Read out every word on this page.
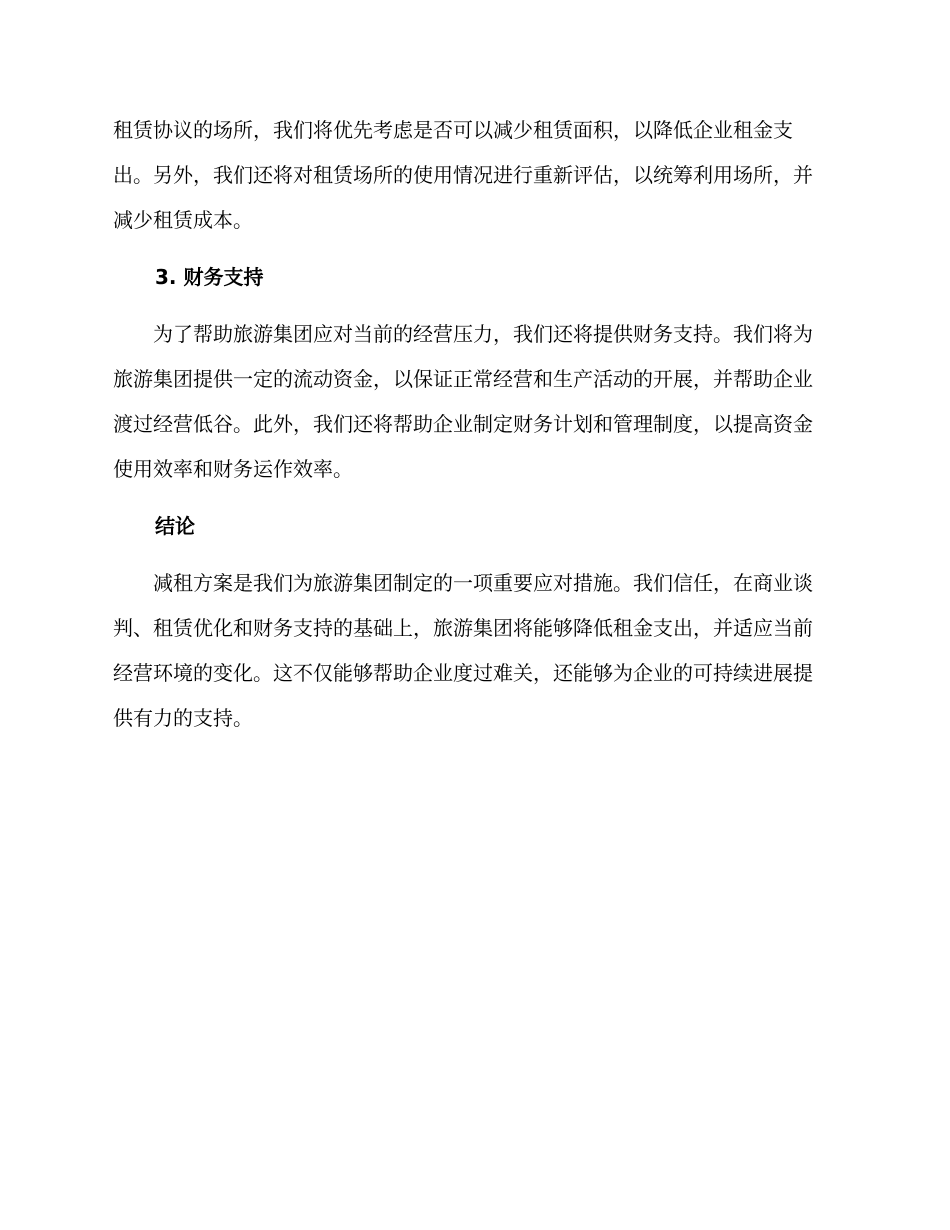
租赁协议的场所，我们将优先考虑是否可以减少租赁面积，以降低企业租金支出。另外，我们还将对租赁场所的使用情况进行重新评估，以统筹利用场所，并减少租赁成本。

3. 财务支持

为了帮助旅游集团应对当前的经营压力，我们还将提供财务支持。我们将为旅游集团提供一定的流动资金，以保证正常经营和生产活动的开展，并帮助企业渡过经营低谷。此外，我们还将帮助企业制定财务计划和管理制度，以提高资金使用效率和财务运作效率。

结论

减租方案是我们为旅游集团制定的一项重要应对措施。我们信任，在商业谈判、租赁优化和财务支持的基础上，旅游集团将能够降低租金支出，并适应当前经营环境的变化。这不仅能够帮助企业度过难关，还能够为企业的可持续进展提供有力的支持。
